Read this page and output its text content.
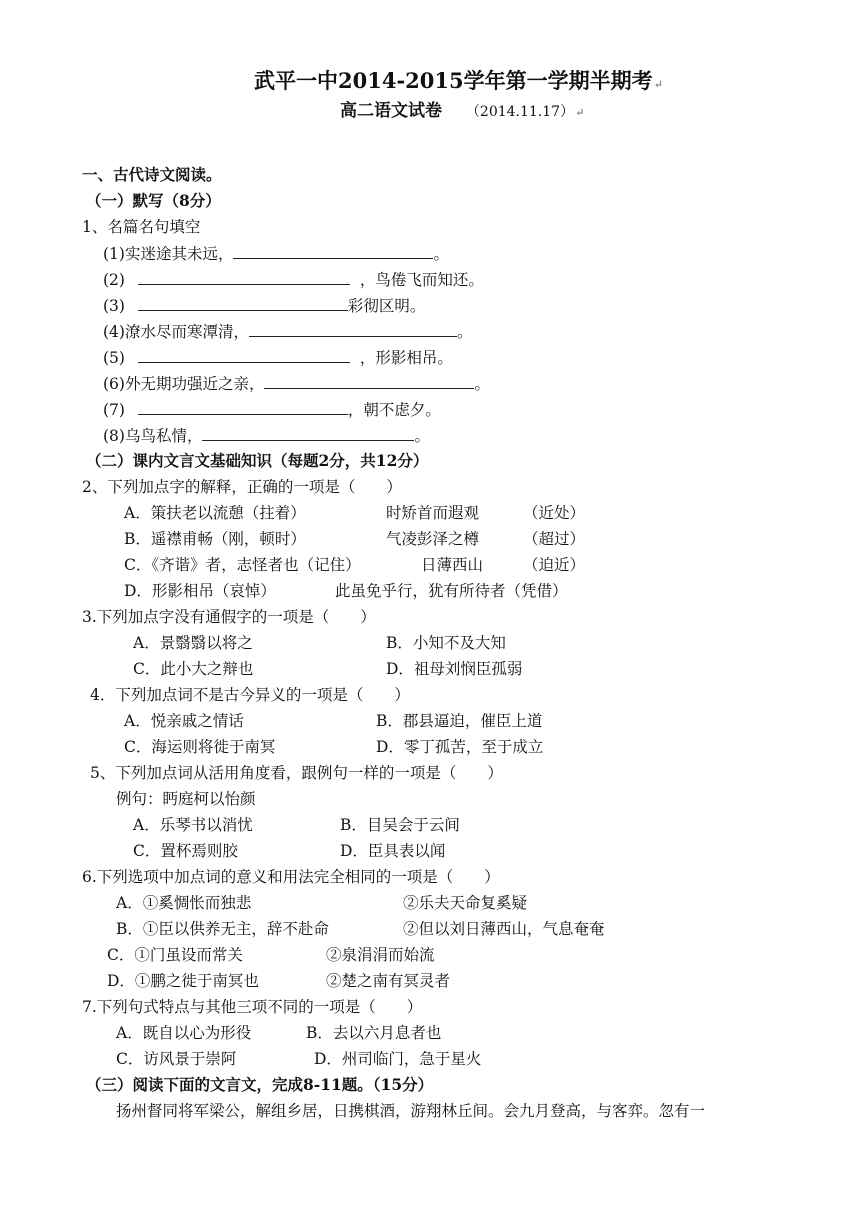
武平一中2014-2015学年第一学期半期考↵
高二语文试卷 （2014.11.17）↵
一、古代诗文阅读。
（一）默写（8分）
1、名篇名句填空
(1)实迷途其未远，	。
(2)	，鸟倦飞而知还。
(3)	彩彻区明。
(4)潦水尽而寒潭清，	。
(5)	，形影相吊。
(6)外无期功强近之亲，	。
(7)	，朝不虑夕。
(8)乌鸟私情，	。
（二）课内文言文基础知识（每题2分，共12分）
2、下列加点字的解释，正确的一项是（　　）
A．策扶老以流憩（拄着）	时矫首而遐观	（近处）
B．遥襟甫畅（刚，顿时）	气凌彭泽之樽	（超过）
C．《齐谐》者，志怪者也（记住）	日薄西山	（迫近）
D．形影相吊（哀悼）	此虽免乎行，犹有所待者（凭借）
3.下列加点字没有通假字的一项是（　　）
A．景翳翳以将之	B．小知不及大知
C．此小大之辩也	D．祖母刘悯臣孤弱
4．下列加点词不是古今异义的一项是（　　）
A．悦亲戚之情话	B．郡县逼迫，催臣上道
C．海运则将徙于南冥	D．零丁孤苦，至于成立
5、下列加点词从活用角度看，跟例句一样的一项是（　　）
例句：眄庭柯以怡颜
A．乐琴书以消忧	B．目吴会于云间
C．置杯焉则胶	D．臣具表以闻
6.下列选项中加点词的意义和用法完全相同的一项是（　　）
A．①奚惆怅而独悲	②乐夫天命复奚疑
B．①臣以供养无主，辞不赴命	②但以刘日薄西山，气息奄奄
C．①门虽设而常关	②泉涓涓而始流
D．①鹏之徙于南冥也	②楚之南有冥灵者
7.下列句式特点与其他三项不同的一项是（　　）
A．既自以心为形役	B．去以六月息者也
C．访风景于崇阿	D．州司临门，急于星火
（三）阅读下面的文言文，完成8-11题。（15分）
扬州督同将军梁公，解组乡居，日携棋酒，游翔林丘间。会九月登高，与客弈。忽有一
